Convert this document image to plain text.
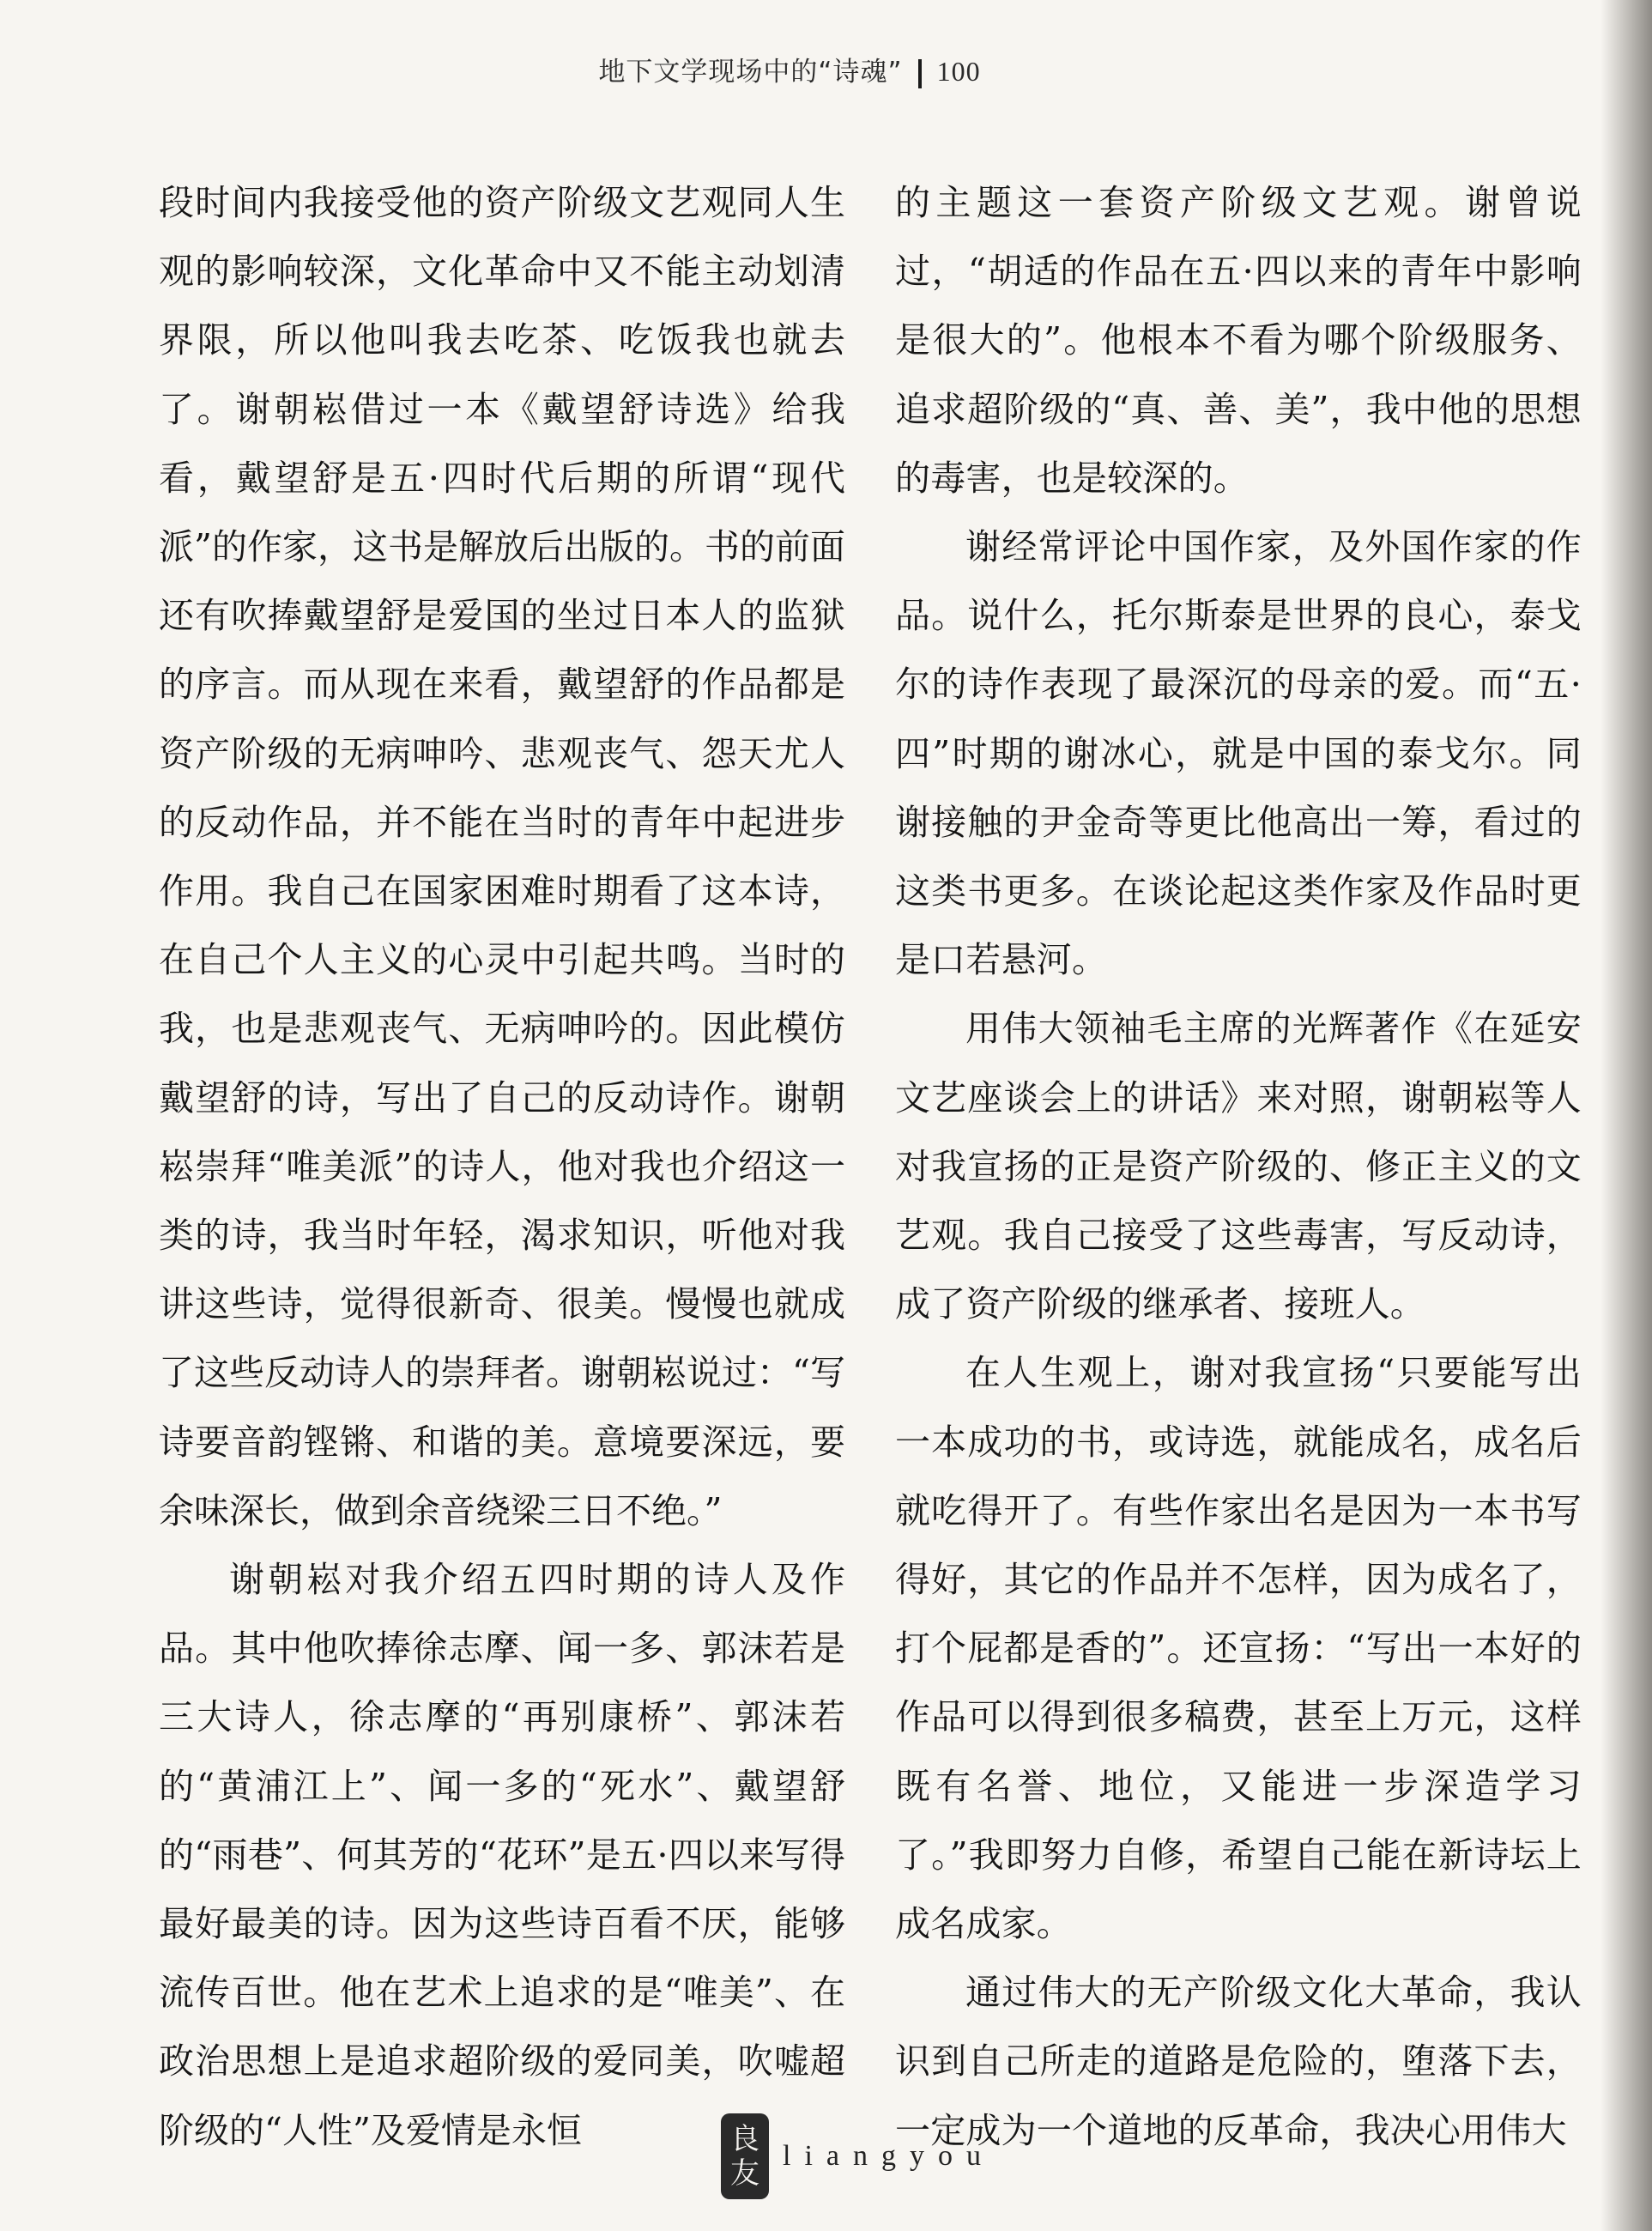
地下文学现场中的“诗魂” 100

段时间内我接受他的资产阶级文艺观同人生观的影响较深，文化革命中又不能主动划清界限，所以他叫我去吃茶、吃饭我也就去了。谢朝崧借过一本《戴望舒诗选》给我看，戴望舒是五·四时代后期的所谓“现代派”的作家，这书是解放后出版的。书的前面还有吹捧戴望舒是爱国的坐过日本人的监狱的序言。而从现在来看，戴望舒的作品都是资产阶级的无病呻吟、悲观丧气、怨天尤人的反动作品，并不能在当时的青年中起进步作用。我自己在国家困难时期看了这本诗，在自己个人主义的心灵中引起共鸣。当时的我，也是悲观丧气、无病呻吟的。因此模仿戴望舒的诗，写出了自己的反动诗作。谢朝崧崇拜“唯美派”的诗人，他对我也介绍这一类的诗，我当时年轻，渴求知识，听他对我讲这些诗，觉得很新奇、很美。慢慢也就成了这些反动诗人的崇拜者。谢朝崧说过：“写诗要音韵铿锵、和谐的美。意境要深远，要余味深长，做到余音绕梁三日不绝。”

谢朝崧对我介绍五四时期的诗人及作品。其中他吹捧徐志摩、闻一多、郭沫若是三大诗人，徐志摩的“再别康桥”、郭沫若的“黄浦江上”、闻一多的“死水”、戴望舒的“雨巷”、何其芳的“花环”是五·四以来写得最好最美的诗。因为这些诗百看不厌，能够流传百世。他在艺术上追求的是“唯美”、在政治思想上是追求超阶级的爱同美，吹嘘超阶级的“人性”及爱情是永恒

的主题这一套资产阶级文艺观。谢曾说过，“胡适的作品在五·四以来的青年中影响是很大的”。他根本不看为哪个阶级服务、追求超阶级的“真、善、美”，我中他的思想的毒害，也是较深的。

谢经常评论中国作家，及外国作家的作品。说什么，托尔斯泰是世界的良心，泰戈尔的诗作表现了最深沉的母亲的爱。而“五·四”时期的谢冰心，就是中国的泰戈尔。同谢接触的尹金奇等更比他高出一筹，看过的这类书更多。在谈论起这类作家及作品时更是口若悬河。

用伟大领袖毛主席的光辉著作《在延安文艺座谈会上的讲话》来对照，谢朝崧等人对我宣扬的正是资产阶级的、修正主义的文艺观。我自己接受了这些毒害，写反动诗，成了资产阶级的继承者、接班人。

在人生观上，谢对我宣扬“只要能写出一本成功的书，或诗选，就能成名，成名后就吃得开了。有些作家出名是因为一本书写得好，其它的作品并不怎样，因为成名了，打个屁都是香的”。还宣扬：“写出一本好的作品可以得到很多稿费，甚至上万元，这样既有名誉、地位，又能进一步深造学习了。”我即努力自修，希望自己能在新诗坛上成名成家。

通过伟大的无产阶级文化大革命，我认识到自己所走的道路是危险的，堕落下去，一定成为一个道地的反革命，我决心用伟大

良
友
liangyou
